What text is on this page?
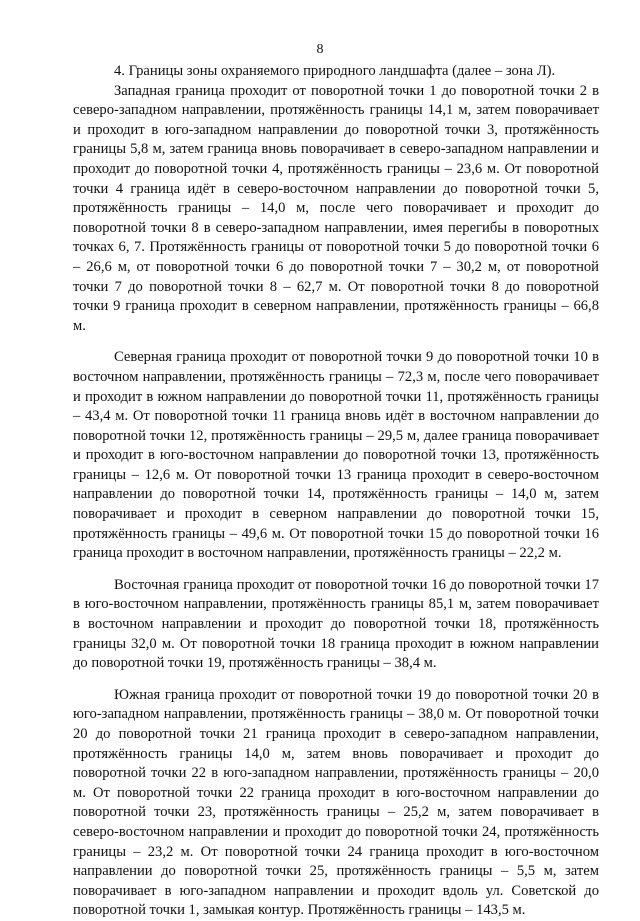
8

4. Границы зоны охраняемого природного ландшафта (далее – зона Л).

Западная граница проходит от поворотной точки 1 до поворотной точки 2 в северо-западном направлении, протяжённость границы 14,1 м, затем поворачивает и проходит в юго-западном направлении до поворотной точки 3, протяжённость границы 5,8 м, затем граница вновь поворачивает в северо-западном направлении и проходит до поворотной точки 4, протяжённость границы – 23,6 м. От поворотной точки 4 граница идёт в северо-восточном направлении до поворотной точки 5, протяжённость границы – 14,0 м, после чего поворачивает и проходит до поворотной точки 8 в северо-западном направлении, имея перегибы в поворотных точках 6, 7. Протяжённость границы от поворотной точки 5 до поворотной точки 6 – 26,6 м, от поворотной точки 6 до поворотной точки 7 – 30,2 м, от поворотной точки 7 до поворотной точки 8 – 62,7 м. От поворотной точки 8 до поворотной точки 9 граница проходит в северном направлении, протяжённость границы – 66,8 м.

Северная граница проходит от поворотной точки 9 до поворотной точки 10 в восточном направлении, протяжённость границы – 72,3 м, после чего поворачивает и проходит в южном направлении до поворотной точки 11, протяжённость границы – 43,4 м. От поворотной точки 11 граница вновь идёт в восточном направлении до поворотной точки 12, протяжённость границы – 29,5 м, далее граница поворачивает и проходит в юго-восточном направлении до поворотной точки 13, протяжённость границы – 12,6 м. От поворотной точки 13 граница проходит в северо-восточном направлении до поворотной точки 14, протяжённость границы – 14,0 м, затем поворачивает и проходит в северном направлении до поворотной точки 15, протяжённость границы – 49,6 м. От поворотной точки 15 до поворотной точки 16 граница проходит в восточном направлении, протяжённость границы – 22,2 м.

Восточная граница проходит от поворотной точки 16 до поворотной точки 17 в юго-восточном направлении, протяжённость границы 85,1 м, затем поворачивает в восточном направлении и проходит до поворотной точки 18, протяжённость границы 32,0 м. От поворотной точки 18 граница проходит в южном направлении до поворотной точки 19, протяжённость границы – 38,4 м.

Южная граница проходит от поворотной точки 19 до поворотной точки 20 в юго-западном направлении, протяжённость границы – 38,0 м. От поворотной точки 20 до поворотной точки 21 граница проходит в северо-западном направлении, протяжённость границы 14,0 м, затем вновь поворачивает и проходит до поворотной точки 22 в юго-западном направлении, протяжённость границы – 20,0 м. От поворотной точки 22 граница проходит в юго-восточном направлении до поворотной точки 23, протяжённость границы – 25,2 м, затем поворачивает в северо-восточном направлении и проходит до поворотной точки 24, протяжённость границы – 23,2 м. От поворотной точки 24 граница проходит в юго-восточном направлении до поворотной точки 25, протяжённость границы – 5,5 м, затем поворачивает в юго-западном направлении и проходит вдоль ул. Советской до поворотной точки 1, замыкая контур. Протяжённость границы – 143,5 м.
